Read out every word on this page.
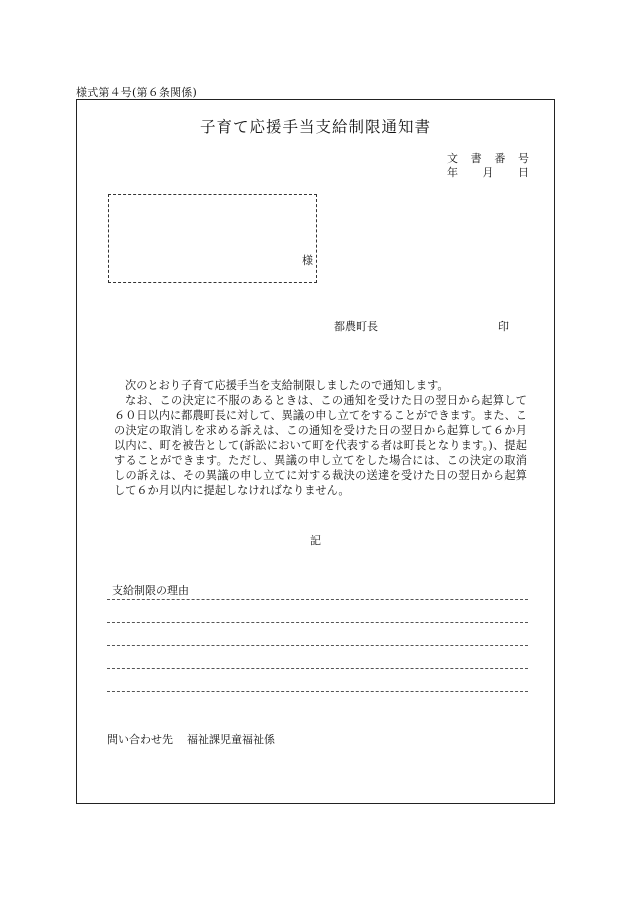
様式第４号(第６条関係)
子育て応援手当支給制限通知書
文 書 番 号
年 月 日
様
都農町長	印

次のとおり子育て応援手当を支給制限しましたので通知します。

なお、この決定に不服のあるときは、この通知を受けた日の翌日から起算して６０日以内に都農町長に対して、異議の申し立てをすることができます。また、この決定の取消しを求める訴えは、この通知を受けた日の翌日から起算して６か月以内に、町を被告として(訴訟において町を代表する者は町長となります。)、提起することができます。ただし、異議の申し立てをした場合には、この決定の取消しの訴えは、その異議の申し立てに対する裁決の送達を受けた日の翌日から起算して６か月以内に提起しなければなりません。

記
支給制限の理由
問い合わせ先 福祉課児童福祉係
